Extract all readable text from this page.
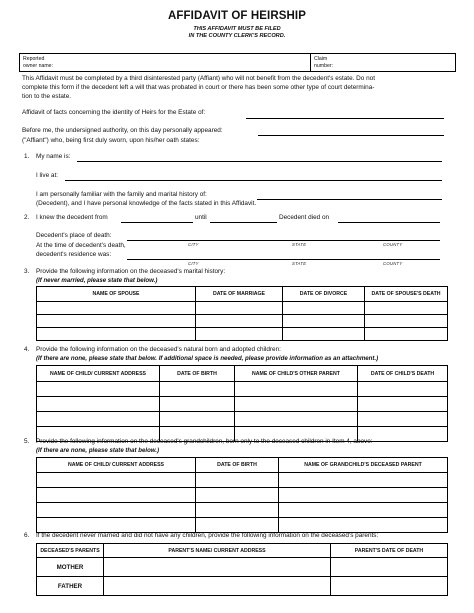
AFFIDAVIT OF HEIRSHIP
THIS AFFIDAVIT MUST BE FILED
IN THE COUNTY CLERK'S RECORD.
Reported
owner name:
Claim
number:
This Affidavit must be completed by a third disinterested party (Affiant) who will not benefit from the decedent's estate. Do not
complete this form if the decedent left a will that was probated in court or there has been some other type of court determina-
tion to the estate.
Affidavit of facts concerning the identity of Heirs for the Estate of:
Before me, the undersigned authority, on this day personally appeared:
("Affiant") who, being first duly sworn, upon his/her oath states:
1. My name is:
I live at:
I am personally familiar with the family and marital history of:
(Decedent), and I have personal knowledge of the facts stated in this Affidavit.
2. I knew the decedent from	until	Decedent died on
Decedent's place of death:
CITY	STATE	COUNTY
At the time of decedent's death,
decedent's residence was:
CITY	STATE	COUNTY
3. Provide the following information on the deceased's marital history:
(If never married, please state that below.)
NAME OF SPOUSE	DATE OF MARRIAGE	DATE OF DIVORCE	DATE OF SPOUSE'S DEATH

4. Provide the following information on the deceased's natural born and adopted children:
(If there are none, please state that below. If additional space is needed, please provide information as an attachment.)
NAME OF CHILD/ CURRENT ADDRESS	DATE OF BIRTH	NAME OF CHILD'S OTHER PARENT	DATE OF CHILD'S DEATH

5. Provide the following information on the deceased's grandchildren, born only to the deceased children in Item 4, above:
(If there are none, please state that below.)
NAME OF CHILD/ CURRENT ADDRESS	DATE OF BIRTH	NAME OF GRANDCHILD'S DECEASED PARENT

6. If the decedent never married and did not have any children, provide the following information on the deceased's parents:
DECEASED'S PARENTS	PARENT'S NAME/ CURRENT ADDRESS	PARENT'S DATE OF DEATH
MOTHER		
FATHER		
